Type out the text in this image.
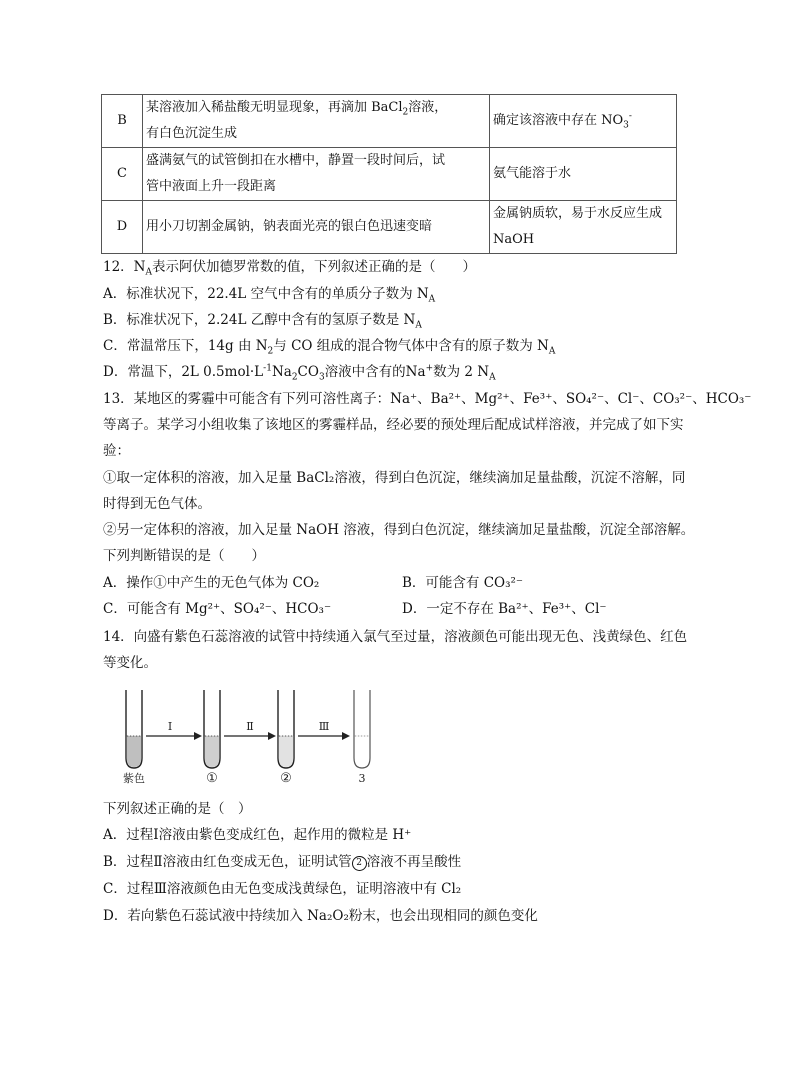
B	某溶液加入稀盐酸无明显现象，再滴加 BaCl$_2$溶液，
有白色沉淀生成	确定该溶液中存在 $NO_3^-$
C	盛满氨气的试管倒扣在水槽中，静置一段时间后，试
管中液面上升一段距离	氨气能溶于水
D	用小刀切割金属钠，钠表面光亮的银白色迅速变暗	金属钠质软，易于水反应生成
NaOH
12．$N_A$表示阿伏加德罗常数的值，下列叙述正确的是（　　）
A．标准状况下，22.4L 空气中含有的单质分子数为 $N_A$
B．标准状况下，2.24L 乙醇中含有的氢原子数是 $N_A$
C．常温常压下，14g 由 $N_2$与 CO 组成的混合物气体中含有的原子数为 $N_A$
D．常温下，2L $0.5mol\cdot L^{-1}Na_2CO_3$溶液中含有的Na+数为 2 $N_A$
13．某地区的雾霾中可能含有下列可溶性离子：Na⁺、Ba²⁺、Mg²⁺、Fe³⁺、SO₄²⁻、Cl⁻、CO₃²⁻、HCO₃⁻
等离子。某学习小组收集了该地区的雾霾样品，经必要的预处理后配成试样溶液，并完成了如下实
验：
①取一定体积的溶液，加入足量 BaCl₂溶液，得到白色沉淀，继续滴加足量盐酸，沉淀不溶解，同
时得到无色气体。
②另一定体积的溶液，加入足量 NaOH 溶液，得到白色沉淀，继续滴加足量盐酸，沉淀全部溶解。
下列判断错误的是（　　）
A．操作①中产生的无色气体为 CO₂	B．可能含有 CO₃²⁻
C．可能含有 Mg²⁺、SO₄²⁻、HCO₃⁻	D．一定不存在 Ba²⁺、Fe³⁺、Cl⁻
14．向盛有紫色石蕊溶液的试管中持续通入氯气至过量，溶液颜色可能出现无色、浅黄绿色、红色
等变化。
Ⅰ	Ⅱ	Ⅲ
紫色	①	②	3
下列叙述正确的是（　）
A．过程Ⅰ溶液由紫色变成红色，起作用的微粒是 H⁺
B．过程Ⅱ溶液由红色变成无色，证明试管 2 溶液不再呈酸性
C．过程Ⅲ溶液颜色由无色变成浅黄绿色，证明溶液中有 Cl₂
D．若向紫色石蕊试液中持续加入 Na₂O₂粉末，也会出现相同的颜色变化
